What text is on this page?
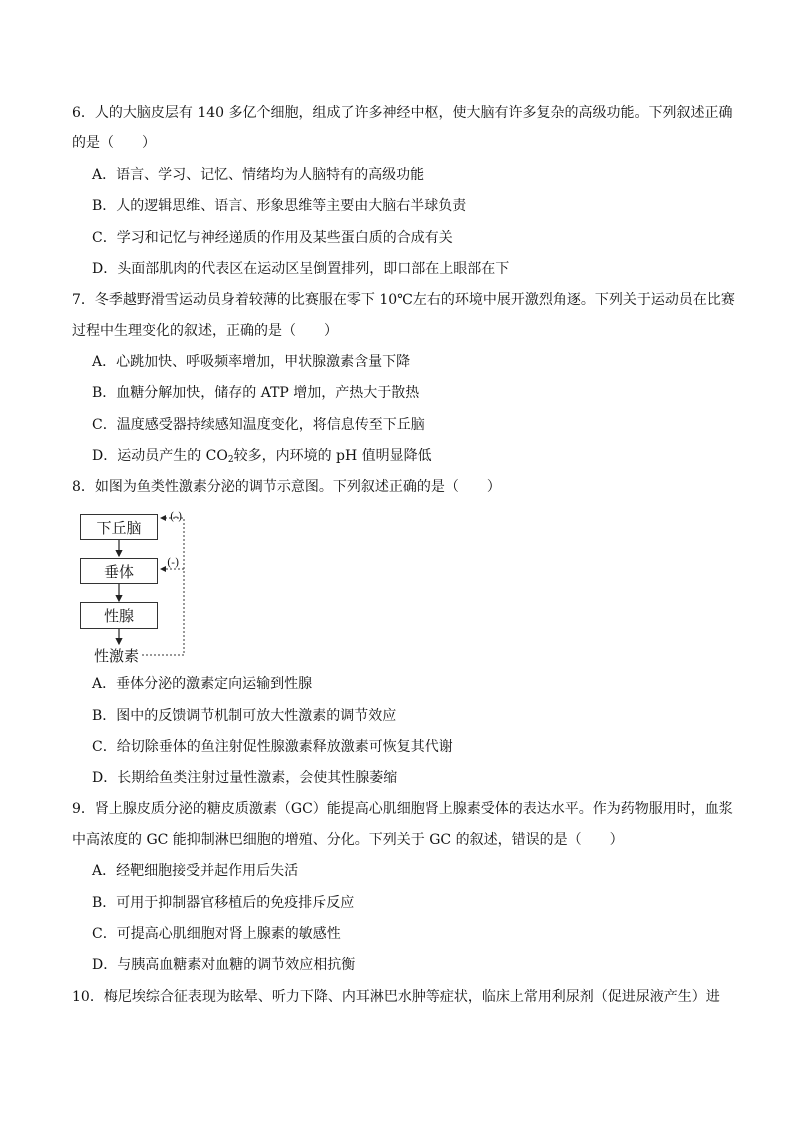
6．人的大脑皮层有 140 多亿个细胞，组成了许多神经中枢，使大脑有许多复杂的高级功能。下列叙述正确
的是（　　）
A．语言、学习、记忆、情绪均为人脑特有的高级功能
B．人的逻辑思维、语言、形象思维等主要由大脑右半球负责
C．学习和记忆与神经递质的作用及某些蛋白质的合成有关
D．头面部肌肉的代表区在运动区呈倒置排列，即口部在上眼部在下
7．冬季越野滑雪运动员身着较薄的比赛服在零下 10℃左右的环境中展开激烈角逐。下列关于运动员在比赛
过程中生理变化的叙述，正确的是（　　）
A．心跳加快、呼吸频率增加，甲状腺激素含量下降
B．血糖分解加快，储存的 ATP 增加，产热大于散热
C．温度感受器持续感知温度变化，将信息传至下丘脑
D．运动员产生的 $CO_2$较多，内环境的 pH 值明显降低
8．如图为鱼类性激素分泌的调节示意图。下列叙述正确的是（　　）
下丘脑
垂体
性腺
性激素
(-)
(-)
A．垂体分泌的激素定向运输到性腺
B．图中的反馈调节机制可放大性激素的调节效应
C．给切除垂体的鱼注射促性腺激素释放激素可恢复其代谢
D．长期给鱼类注射过量性激素，会使其性腺萎缩
9．肾上腺皮质分泌的糖皮质激素（GC）能提高心肌细胞肾上腺素受体的表达水平。作为药物服用时，血浆
中高浓度的 GC 能抑制淋巴细胞的增殖、分化。下列关于 GC 的叙述，错误的是（　　）
A．经靶细胞接受并起作用后失活
B．可用于抑制器官移植后的免疫排斥反应
C．可提高心肌细胞对肾上腺素的敏感性
D．与胰高血糖素对血糖的调节效应相抗衡
10．梅尼埃综合征表现为眩晕、听力下降、内耳淋巴水肿等症状，临床上常用利尿剂（促进尿液产生）进
